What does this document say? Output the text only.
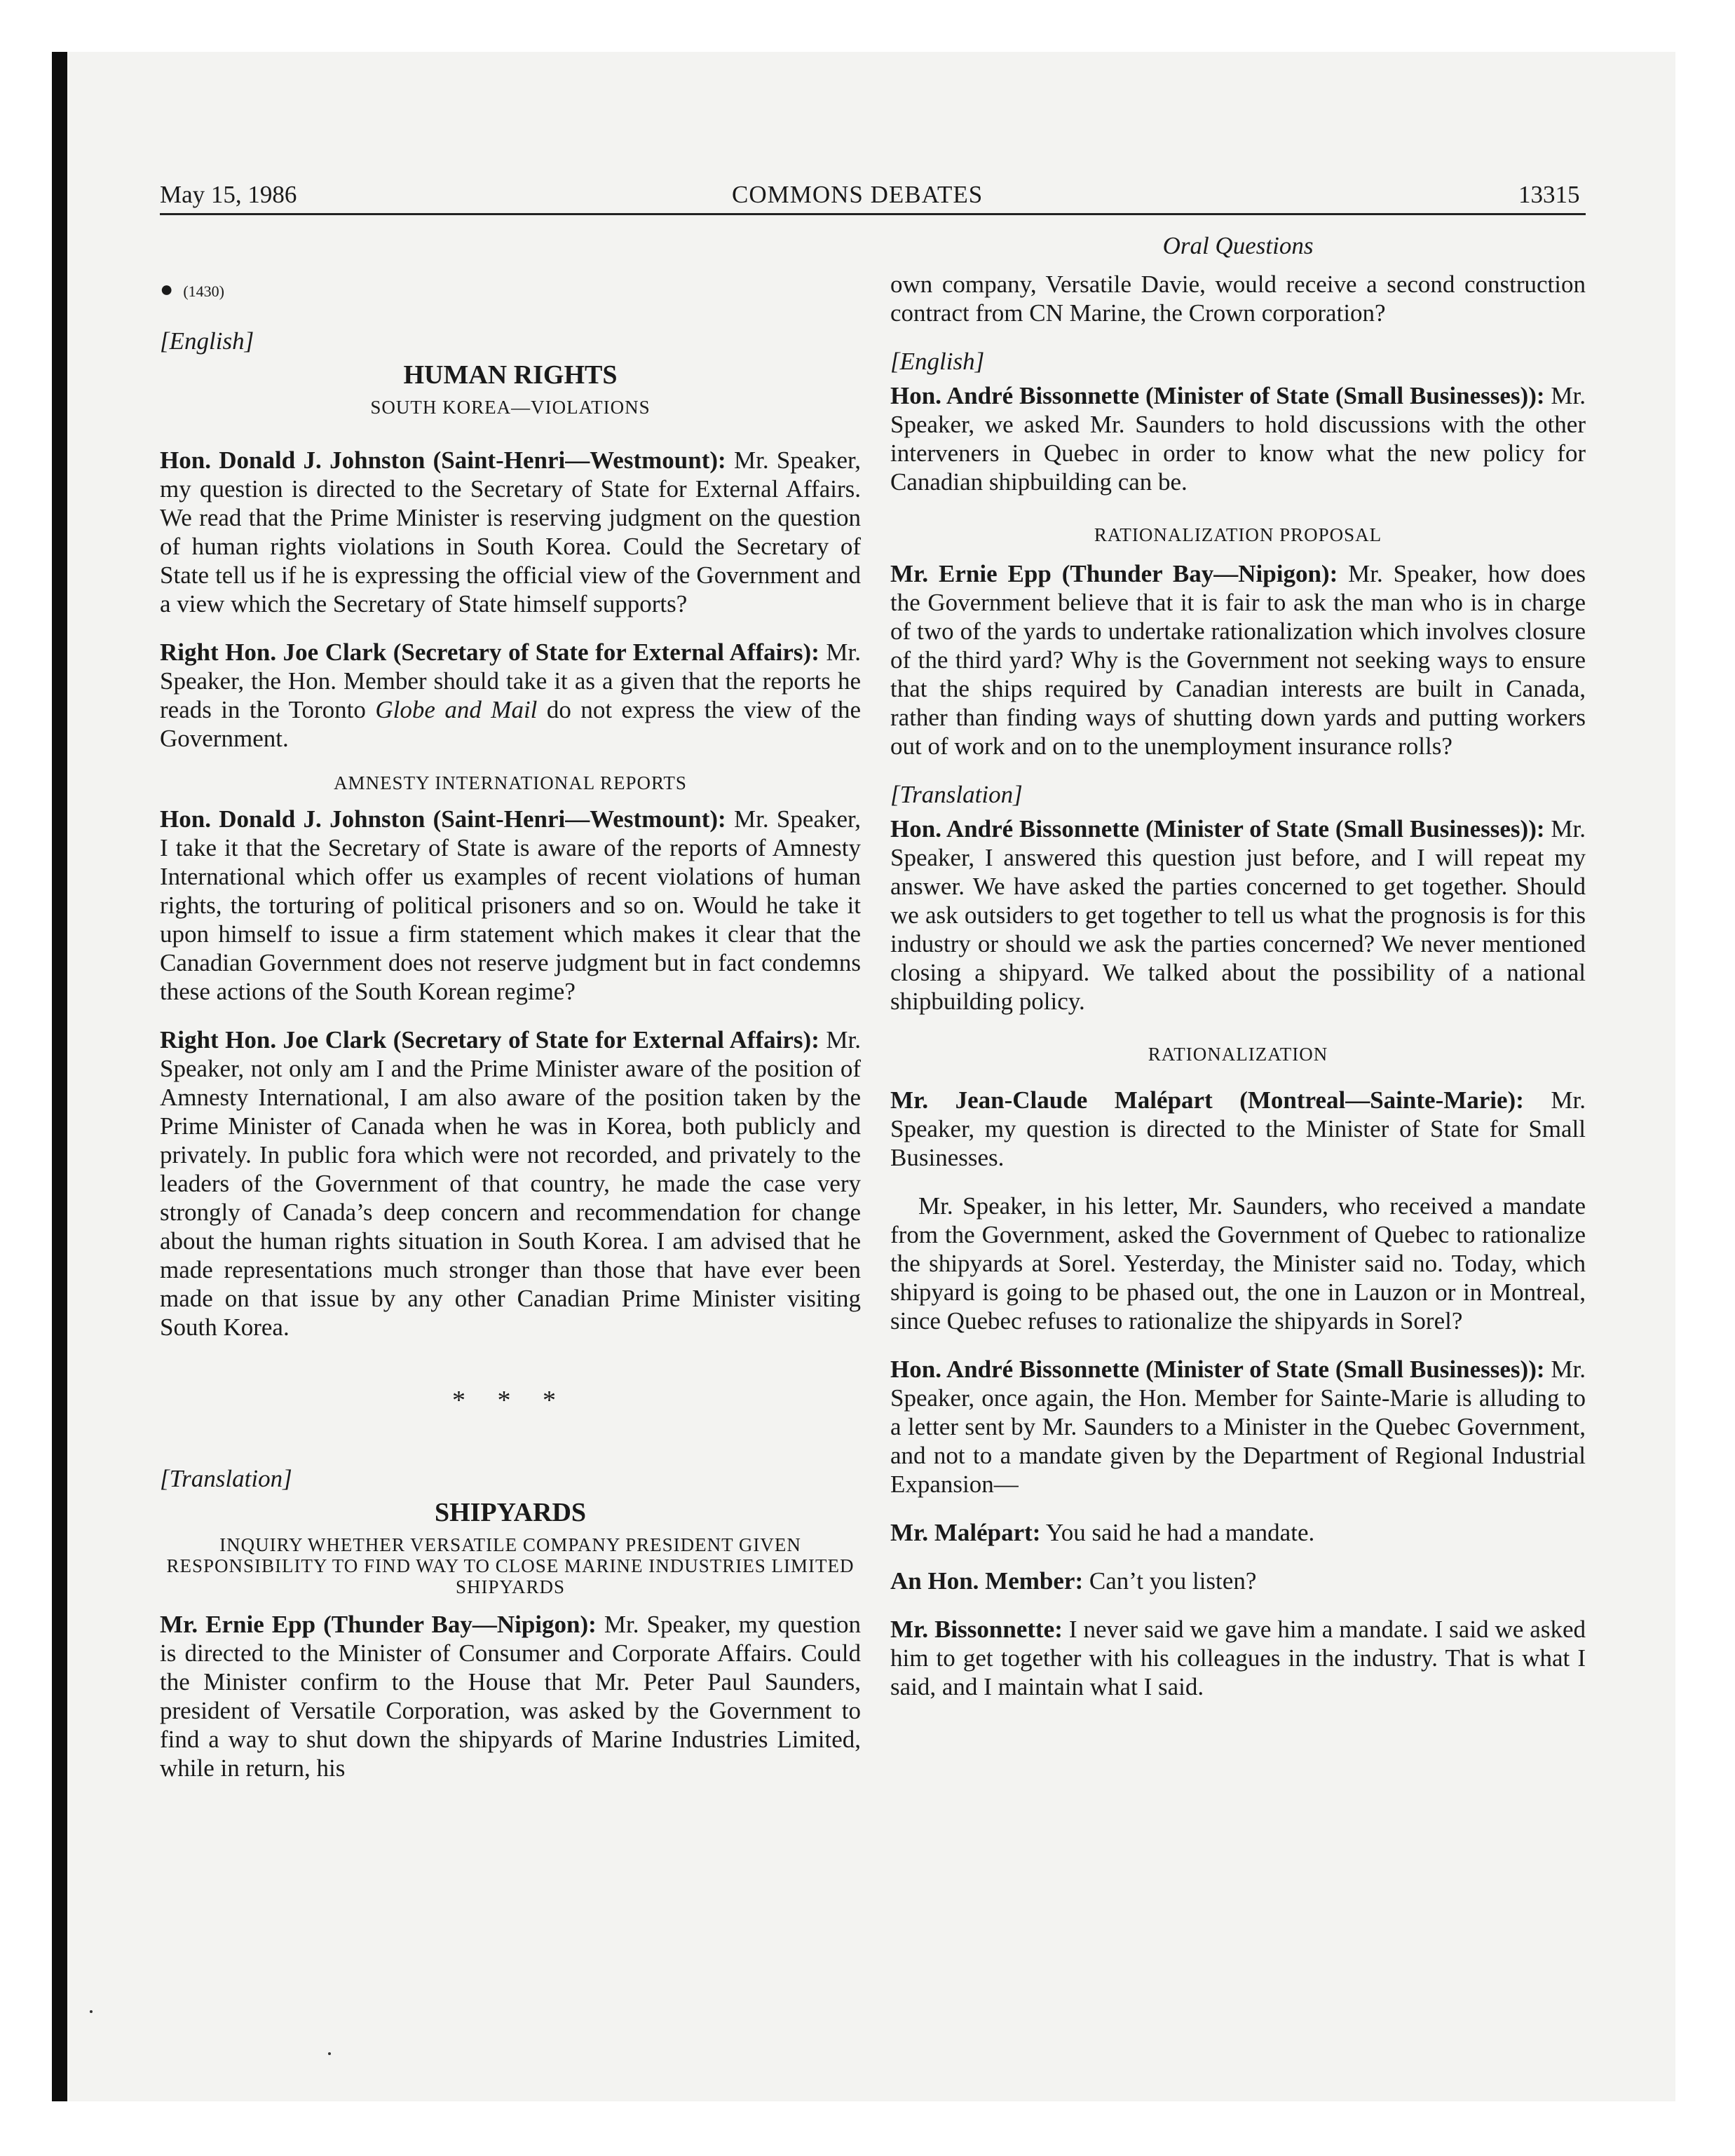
May 15, 1986	COMMONS DEBATES	13315
● (1430)
[English]
HUMAN RIGHTS
SOUTH KOREA—VIOLATIONS

Hon. Donald J. Johnston (Saint-Henri—Westmount): Mr. Speaker, my question is directed to the Secretary of State for External Affairs. We read that the Prime Minister is reserving judgment on the question of human rights violations in South Korea. Could the Secretary of State tell us if he is expressing the official view of the Government and a view which the Secretary of State himself supports?

Right Hon. Joe Clark (Secretary of State for External Affairs): Mr. Speaker, the Hon. Member should take it as a given that the reports he reads in the Toronto Globe and Mail do not express the view of the Government.

AMNESTY INTERNATIONAL REPORTS

Hon. Donald J. Johnston (Saint-Henri—Westmount): Mr. Speaker, I take it that the Secretary of State is aware of the reports of Amnesty International which offer us examples of recent violations of human rights, the torturing of political prisoners and so on. Would he take it upon himself to issue a firm statement which makes it clear that the Canadian Government does not reserve judgment but in fact condemns these actions of the South Korean regime?

Right Hon. Joe Clark (Secretary of State for External Affairs): Mr. Speaker, not only am I and the Prime Minister aware of the position of Amnesty International, I am also aware of the position taken by the Prime Minister of Canada when he was in Korea, both publicly and privately. In public fora which were not recorded, and privately to the leaders of the Government of that country, he made the case very strongly of Canada’s deep concern and recommendation for change about the human rights situation in South Korea. I am advised that he made representations much stronger than those that have ever been made on that issue by any other Canadian Prime Minister visiting South Korea.

* * *
[Translation]
SHIPYARDS
INQUIRY WHETHER VERSATILE COMPANY PRESIDENT GIVEN RESPONSIBILITY TO FIND WAY TO CLOSE MARINE INDUSTRIES LIMITED SHIPYARDS

Mr. Ernie Epp (Thunder Bay—Nipigon): Mr. Speaker, my question is directed to the Minister of Consumer and Corporate Affairs. Could the Minister confirm to the House that Mr. Peter Paul Saunders, president of Versatile Corporation, was asked by the Government to find a way to shut down the shipyards of Marine Industries Limited, while in return, his

Oral Questions

own company, Versatile Davie, would receive a second construction contract from CN Marine, the Crown corporation?

[English]

Hon. André Bissonnette (Minister of State (Small Businesses)): Mr. Speaker, we asked Mr. Saunders to hold discussions with the other interveners in Quebec in order to know what the new policy for Canadian shipbuilding can be.

RATIONALIZATION PROPOSAL

Mr. Ernie Epp (Thunder Bay—Nipigon): Mr. Speaker, how does the Government believe that it is fair to ask the man who is in charge of two of the yards to undertake rationalization which involves closure of the third yard? Why is the Government not seeking ways to ensure that the ships required by Canadian interests are built in Canada, rather than finding ways of shutting down yards and putting workers out of work and on to the unemployment insurance rolls?

[Translation]

Hon. André Bissonnette (Minister of State (Small Businesses)): Mr. Speaker, I answered this question just before, and I will repeat my answer. We have asked the parties concerned to get together. Should we ask outsiders to get together to tell us what the prognosis is for this industry or should we ask the parties concerned? We never mentioned closing a shipyard. We talked about the possibility of a national shipbuilding policy.

RATIONALIZATION

Mr. Jean-Claude Malépart (Montreal—Sainte-Marie): Mr. Speaker, my question is directed to the Minister of State for Small Businesses.

Mr. Speaker, in his letter, Mr. Saunders, who received a mandate from the Government, asked the Government of Quebec to rationalize the shipyards at Sorel. Yesterday, the Minister said no. Today, which shipyard is going to be phased out, the one in Lauzon or in Montreal, since Quebec refuses to rationalize the shipyards in Sorel?

Hon. André Bissonnette (Minister of State (Small Businesses)): Mr. Speaker, once again, the Hon. Member for Sainte-Marie is alluding to a letter sent by Mr. Saunders to a Minister in the Quebec Government, and not to a mandate given by the Department of Regional Industrial Expansion—

Mr. Malépart: You said he had a mandate.

An Hon. Member: Can’t you listen?

Mr. Bissonnette: I never said we gave him a mandate. I said we asked him to get together with his colleagues in the industry. That is what I said, and I maintain what I said.
